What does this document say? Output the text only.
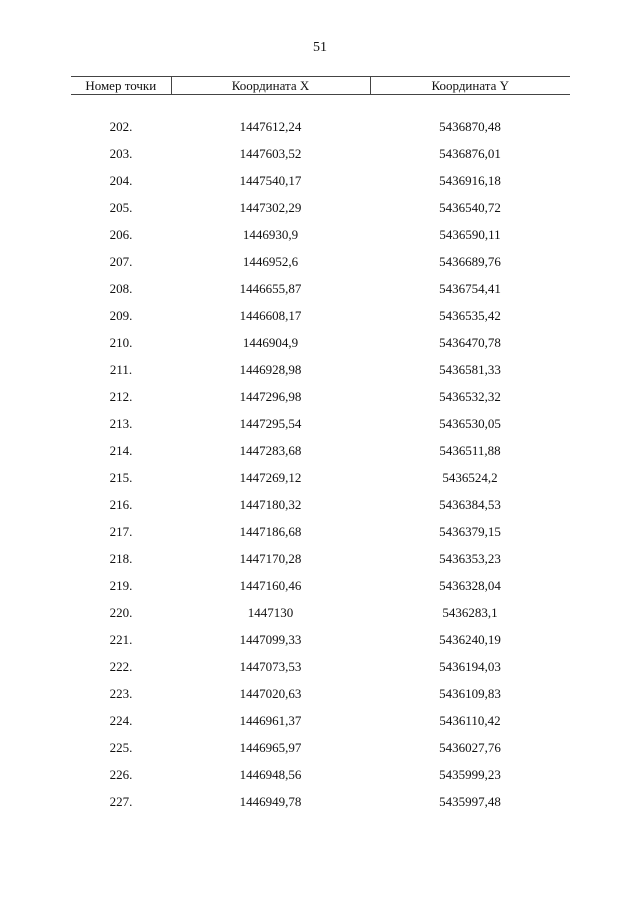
51
Номер точки	Координата X	Координата Y

202.	1447612,24	5436870,48
203.	1447603,52	5436876,01
204.	1447540,17	5436916,18
205.	1447302,29	5436540,72
206.	1446930,9	5436590,11
207.	1446952,6	5436689,76
208.	1446655,87	5436754,41
209.	1446608,17	5436535,42
210.	1446904,9	5436470,78
211.	1446928,98	5436581,33
212.	1447296,98	5436532,32
213.	1447295,54	5436530,05
214.	1447283,68	5436511,88
215.	1447269,12	5436524,2
216.	1447180,32	5436384,53
217.	1447186,68	5436379,15
218.	1447170,28	5436353,23
219.	1447160,46	5436328,04
220.	1447130	5436283,1
221.	1447099,33	5436240,19
222.	1447073,53	5436194,03
223.	1447020,63	5436109,83
224.	1446961,37	5436110,42
225.	1446965,97	5436027,76
226.	1446948,56	5435999,23
227.	1446949,78	5435997,48
